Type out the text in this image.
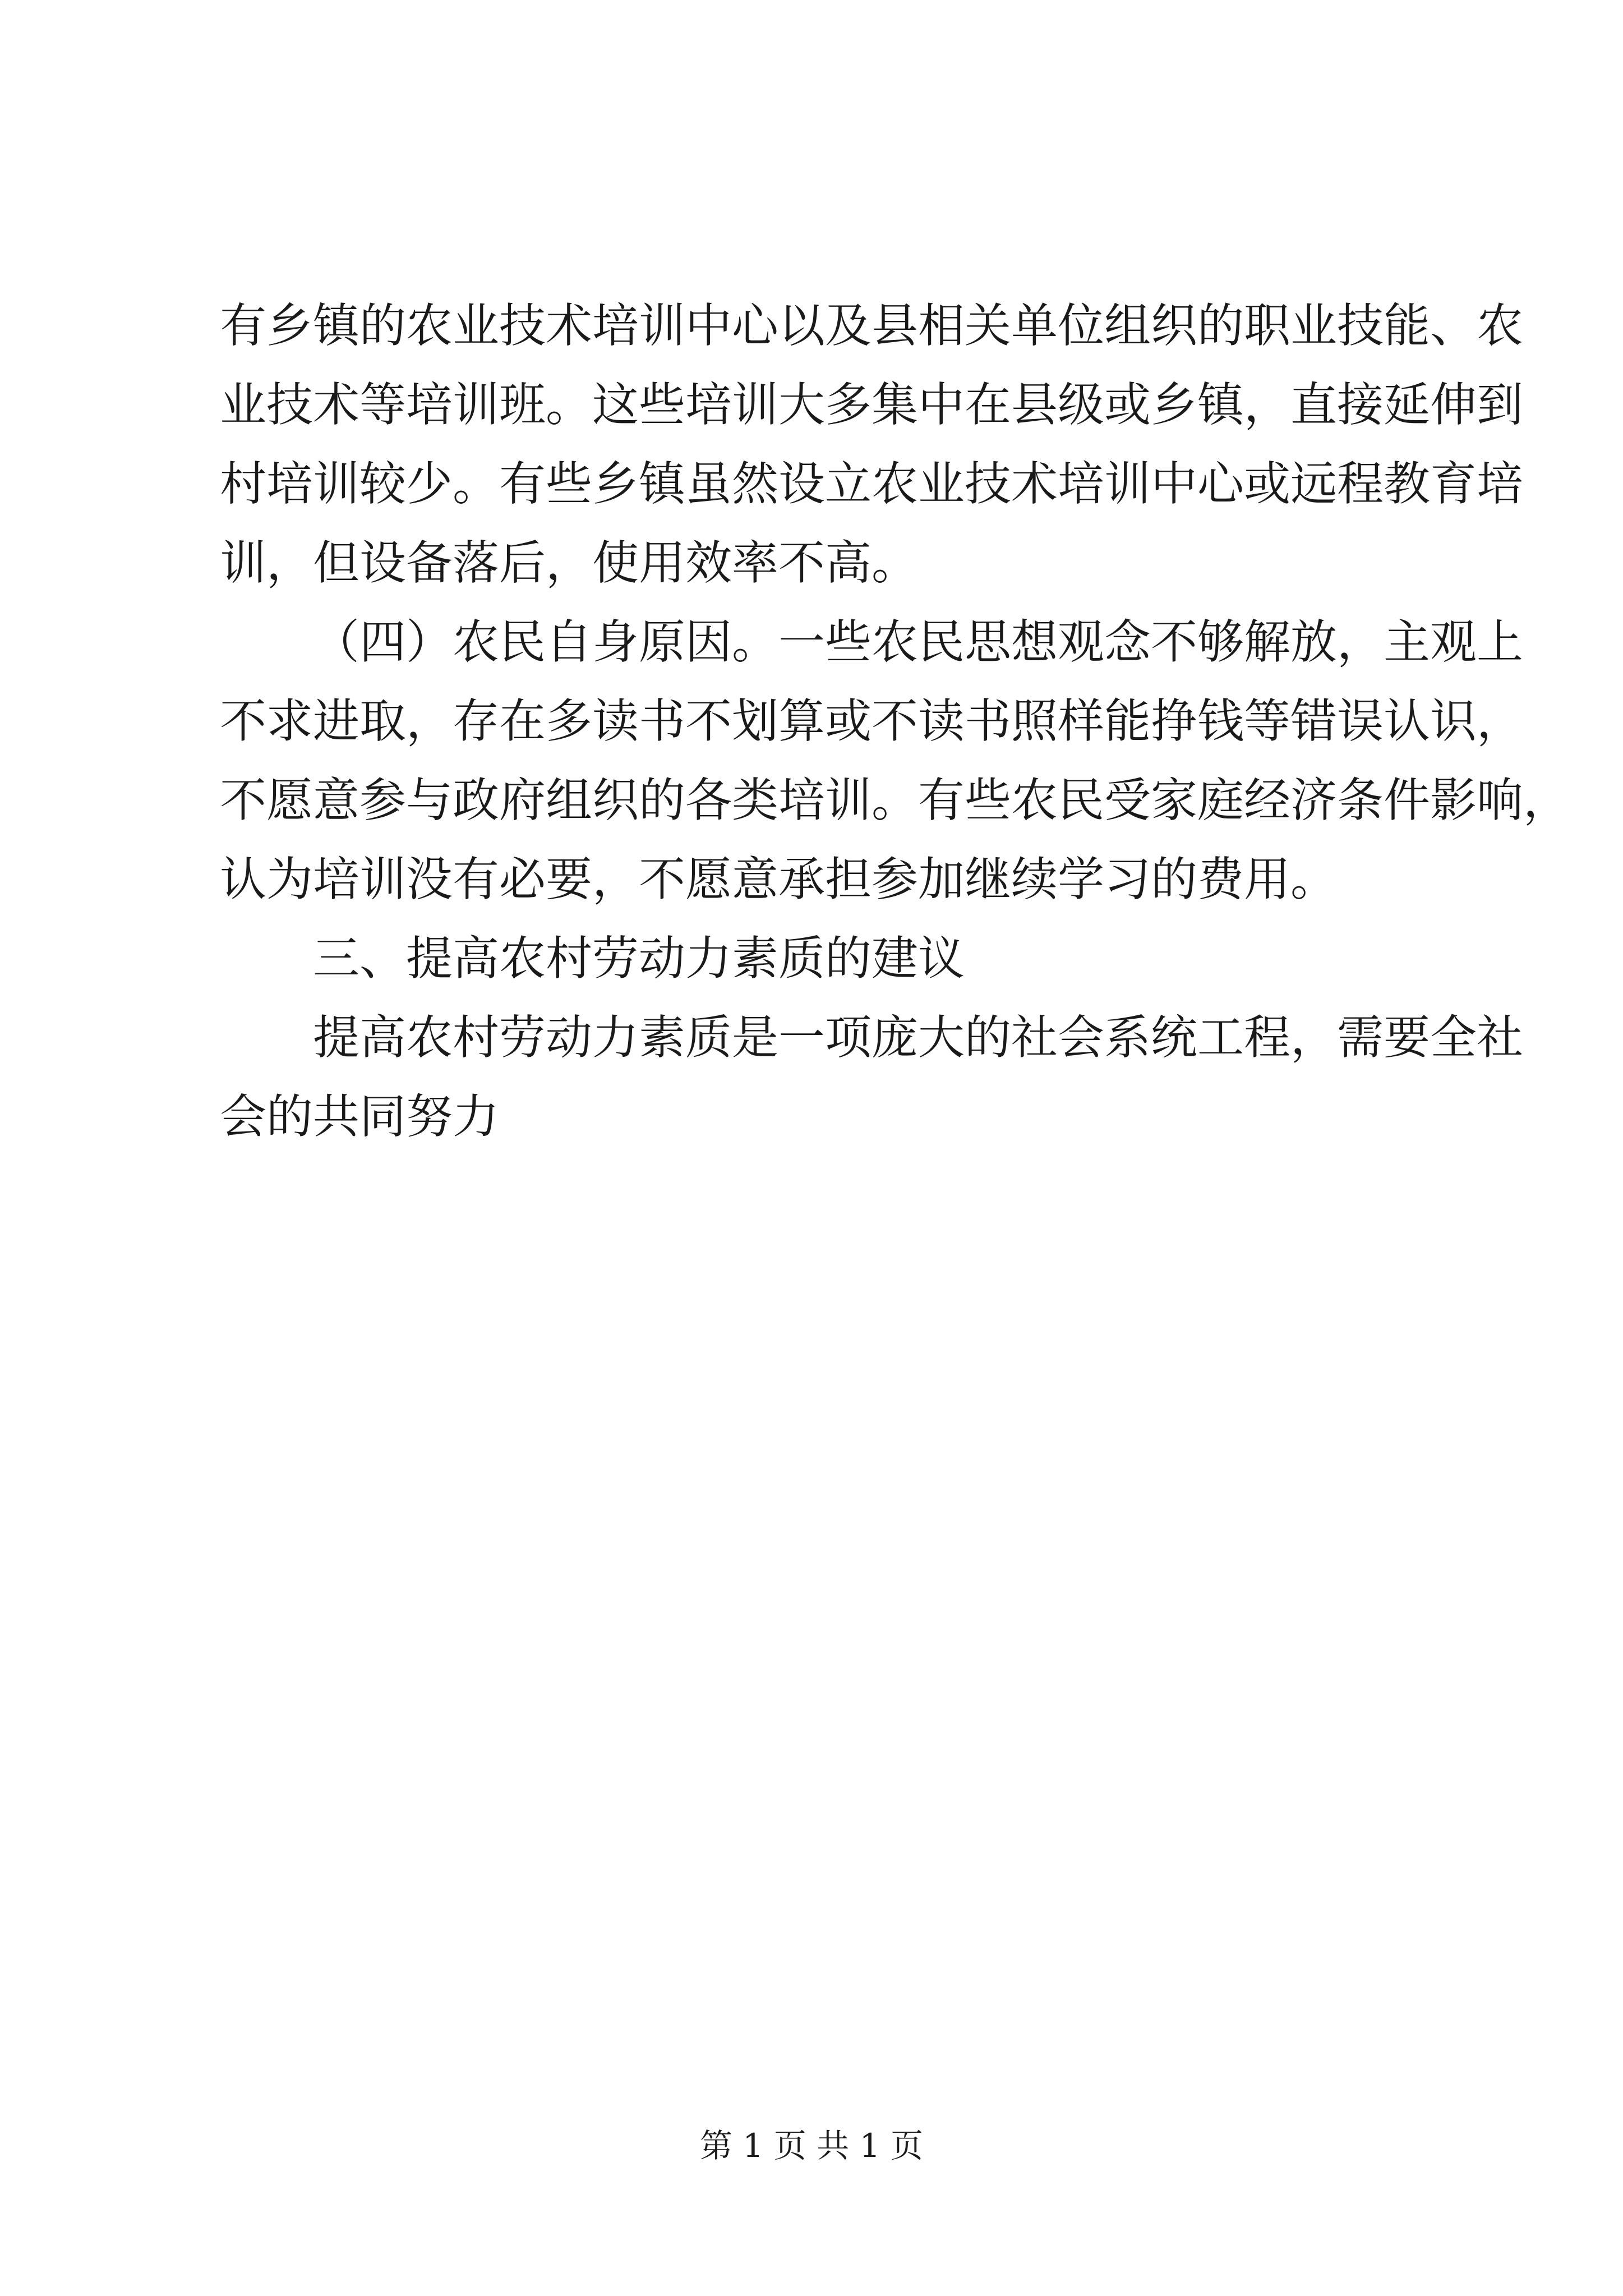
有乡镇的农业技术培训中心以及县相关单位组织的职业技能、农
业技术等培训班。这些培训大多集中在县级或乡镇，直接延伸到
村培训较少。有些乡镇虽然设立农业技术培训中心或远程教育培
训，但设备落后，使用效率不高。
（四）农民自身原因。一些农民思想观念不够解放，主观上
不求进取，存在多读书不划算或不读书照样能挣钱等错误认识，
不愿意参与政府组织的各类培训。有些农民受家庭经济条件影响，
认为培训没有必要，不愿意承担参加继续学习的费用。
三、提高农村劳动力素质的建议
提高农村劳动力素质是一项庞大的社会系统工程，需要全社
会的共同努力
第 1 页 共 1 页
